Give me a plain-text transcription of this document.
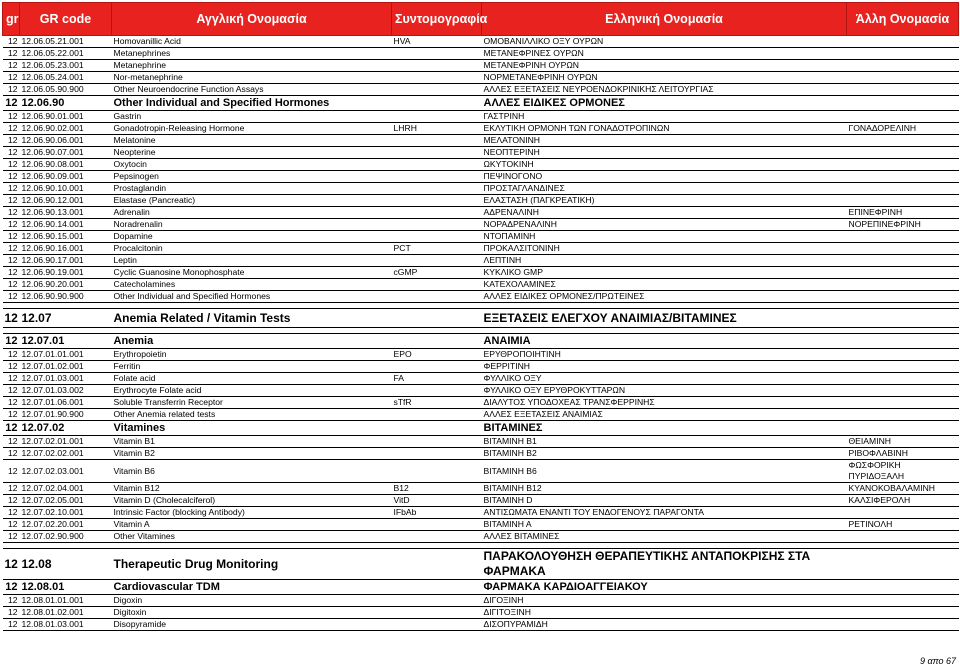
gr	GR code	Αγγλική Ονομασία	Συντομογραφία	Ελληνική Ονομασία	Άλλη Ονομασία
12	12.06.05.21.001	Homovanillic Acid	HVA	ΟΜΟΒΑΝΙΛΛΙΚΟ ΟΞΥ ΟΥΡΩΝ	
12	12.06.05.22.001	Metanephrines		ΜΕΤΑΝΕΦΡΙΝΕΣ ΟΥΡΩΝ	
12	12.06.05.23.001	Metanephrine		ΜΕΤΑΝΕΦΡΙΝΗ ΟΥΡΩΝ	
12	12.06.05.24.001	Nor-metanephrine		ΝΟΡΜΕΤΑΝΕΦΡΙΝΗ ΟΥΡΩΝ	
12	12.06.05.90.900	Other Neuroendocrine Function Assays		ΑΛΛΕΣ ΕΞΕΤΑΣΕΙΣ ΝΕΥΡΟΕΝΔΟΚΡΙΝΙΚΗΣ ΛΕΙΤΟΥΡΓΙΑΣ	
12	12.06.90	Other Individual and Specified Hormones		ΑΛΛΕΣ ΕΙΔΙΚΕΣ ΟΡΜΟΝΕΣ	
12	12.06.90.01.001	Gastrin		ΓΑΣΤΡΙΝΗ	
12	12.06.90.02.001	Gonadotropin-Releasing Hormone	LHRH	ΕΚΛΥΤΙΚΗ ΟΡΜΟΝΗ ΤΩΝ ΓΟΝΑΔΟΤΡΟΠΙΝΩΝ	ΓΟΝΑΔΟΡΕΛΙΝΗ
12	12.06.90.06.001	Melatonine		ΜΕΛΑΤΟΝΙΝΗ	
12	12.06.90.07.001	Neopterine		ΝΕΟΠΤΕΡΙΝΗ	
12	12.06.90.08.001	Oxytocin		ΩΚΥΤΟΚΙΝΗ	
12	12.06.90.09.001	Pepsinogen		ΠΕΨΙΝΟΓΟΝΟ	
12	12.06.90.10.001	Prostaglandin		ΠΡΟΣΤΑΓΛΑΝΔΙΝΕΣ	
12	12.06.90.12.001	Elastase (Pancreatic)		ΕΛΑΣΤΑΣΗ (ΠΑΓΚΡΕΑΤΙΚΗ)	
12	12.06.90.13.001	Adrenalin		ΑΔΡΕΝΑΛΙΝΗ	ΕΠΙΝΕΦΡΙΝΗ
12	12.06.90.14.001	Noradrenalin		ΝΟΡΑΔΡΕΝΑΛΙΝΗ	ΝΟΡΕΠΙΝΕΦΡΙΝΗ
12	12.06.90.15.001	Dopamine		ΝΤΟΠΑΜΙΝΗ	
12	12.06.90.16.001	Procalcitonin	PCT	ΠΡΟΚΑΛΣΙΤΟΝΙΝΗ	
12	12.06.90.17.001	Leptin		ΛΕΠΤΙΝΗ	
12	12.06.90.19.001	Cyclic Guanosine Monophosphate	cGMP	ΚΥΚΛΙΚΟ GMP	
12	12.06.90.20.001	Catecholamines		ΚΑΤΕΧΟΛΑΜΙΝΕΣ	
12	12.06.90.90.900	Other Individual and Specified Hormones		ΑΛΛΕΣ ΕΙΔΙΚΕΣ ΟΡΜΟΝΕΣ/ΠΡΩΤΕΙΝΕΣ	

12	12.07	Anemia Related / Vitamin Tests		ΕΞΕΤΑΣΕΙΣ ΕΛΕΓΧΟΥ ΑΝΑΙΜΙΑΣ/ΒΙΤΑΜΙΝΕΣ	

12	12.07.01	Anemia		ΑΝΑΙΜΙΑ	
12	12.07.01.01.001	Erythropoietin	EPO	ΕΡΥΘΡΟΠΟΙΗΤΙΝΗ	
12	12.07.01.02.001	Ferritin		ΦΕΡΡΙΤΙΝΗ	
12	12.07.01.03.001	Folate acid	FA	ΦΥΛΛΙΚΟ ΟΞΥ	
12	12.07.01.03.002	Erythrocyte Folate acid		ΦΥΛΛΙΚΟ ΟΞΥ ΕΡΥΘΡΟΚΥΤΤΑΡΩΝ	
12	12.07.01.06.001	Soluble Transferrin Receptor	sTfR	ΔΙΑΛΥΤΟΣ ΥΠΟΔΟΧΕΑΣ ΤΡΑΝΣΦΕΡΡΙΝΗΣ	
12	12.07.01.90.900	Other Anemia related tests		ΑΛΛΕΣ ΕΞΕΤΑΣΕΙΣ ΑΝΑΙΜΙΑΣ	
12	12.07.02	Vitamines		ΒΙΤΑΜΙΝΕΣ	
12	12.07.02.01.001	Vitamin B1		ΒΙΤΑΜΙΝΗ Β1	ΘΕΙΑΜΙΝΗ
12	12.07.02.02.001	Vitamin B2		ΒΙΤΑΜΙΝΗ Β2	ΡΙΒΟΦΛΑΒΙΝΗ
12	12.07.02.03.001	Vitamin B6		ΒΙΤΑΜΙΝΗ Β6	ΦΩΣΦΟΡΙΚΗ ΠΥΡΙΔΟΞΑΛΗ
12	12.07.02.04.001	Vitamin B12	B12	ΒΙΤΑΜΙΝΗ Β12	ΚΥΑΝΟΚΟΒΑΛΑΜΙΝΗ
12	12.07.02.05.001	Vitamin D (Cholecalciferol)	VitD	ΒΙΤΑΜΙΝΗ D	ΚΑΛΣΙΦΕΡΟΛΗ
12	12.07.02.10.001	Intrinsic Factor (blocking Antibody)	IFbAb	ΑΝΤΙΣΩΜΑΤΑ ΕΝΑΝΤΙ ΤΟΥ ΕΝΔΟΓΕΝΟΥΣ ΠΑΡΑΓΟΝΤΑ	
12	12.07.02.20.001	Vitamin A		ΒΙΤΑΜΙΝΗ Α	ΡΕΤΙΝΟΛΗ
12	12.07.02.90.900	Other Vitamines		ΑΛΛΕΣ ΒΙΤΑΜΙΝΕΣ	

12	12.08	Therapeutic Drug Monitoring		ΠΑΡΑΚΟΛΟΥΘΗΣΗ ΘΕΡΑΠΕΥΤΙΚΗΣ ΑΝΤΑΠΟΚΡΙΣΗΣ ΣΤΑ ΦΑΡΜΑΚΑ	
12	12.08.01	Cardiovascular TDM		ΦΑΡΜΑΚΑ ΚΑΡΔΙΟΑΓΓΕΙΑΚΟΥ	
12	12.08.01.01.001	Digoxin		ΔΙΓΟΞΙΝΗ	
12	12.08.01.02.001	Digitoxin		ΔΙΓΙΤΟΞΙΝΗ	
12	12.08.01.03.001	Disopyramide		ΔΙΣΟΠΥΡΑΜΙΔΗ	
9 απο 67
